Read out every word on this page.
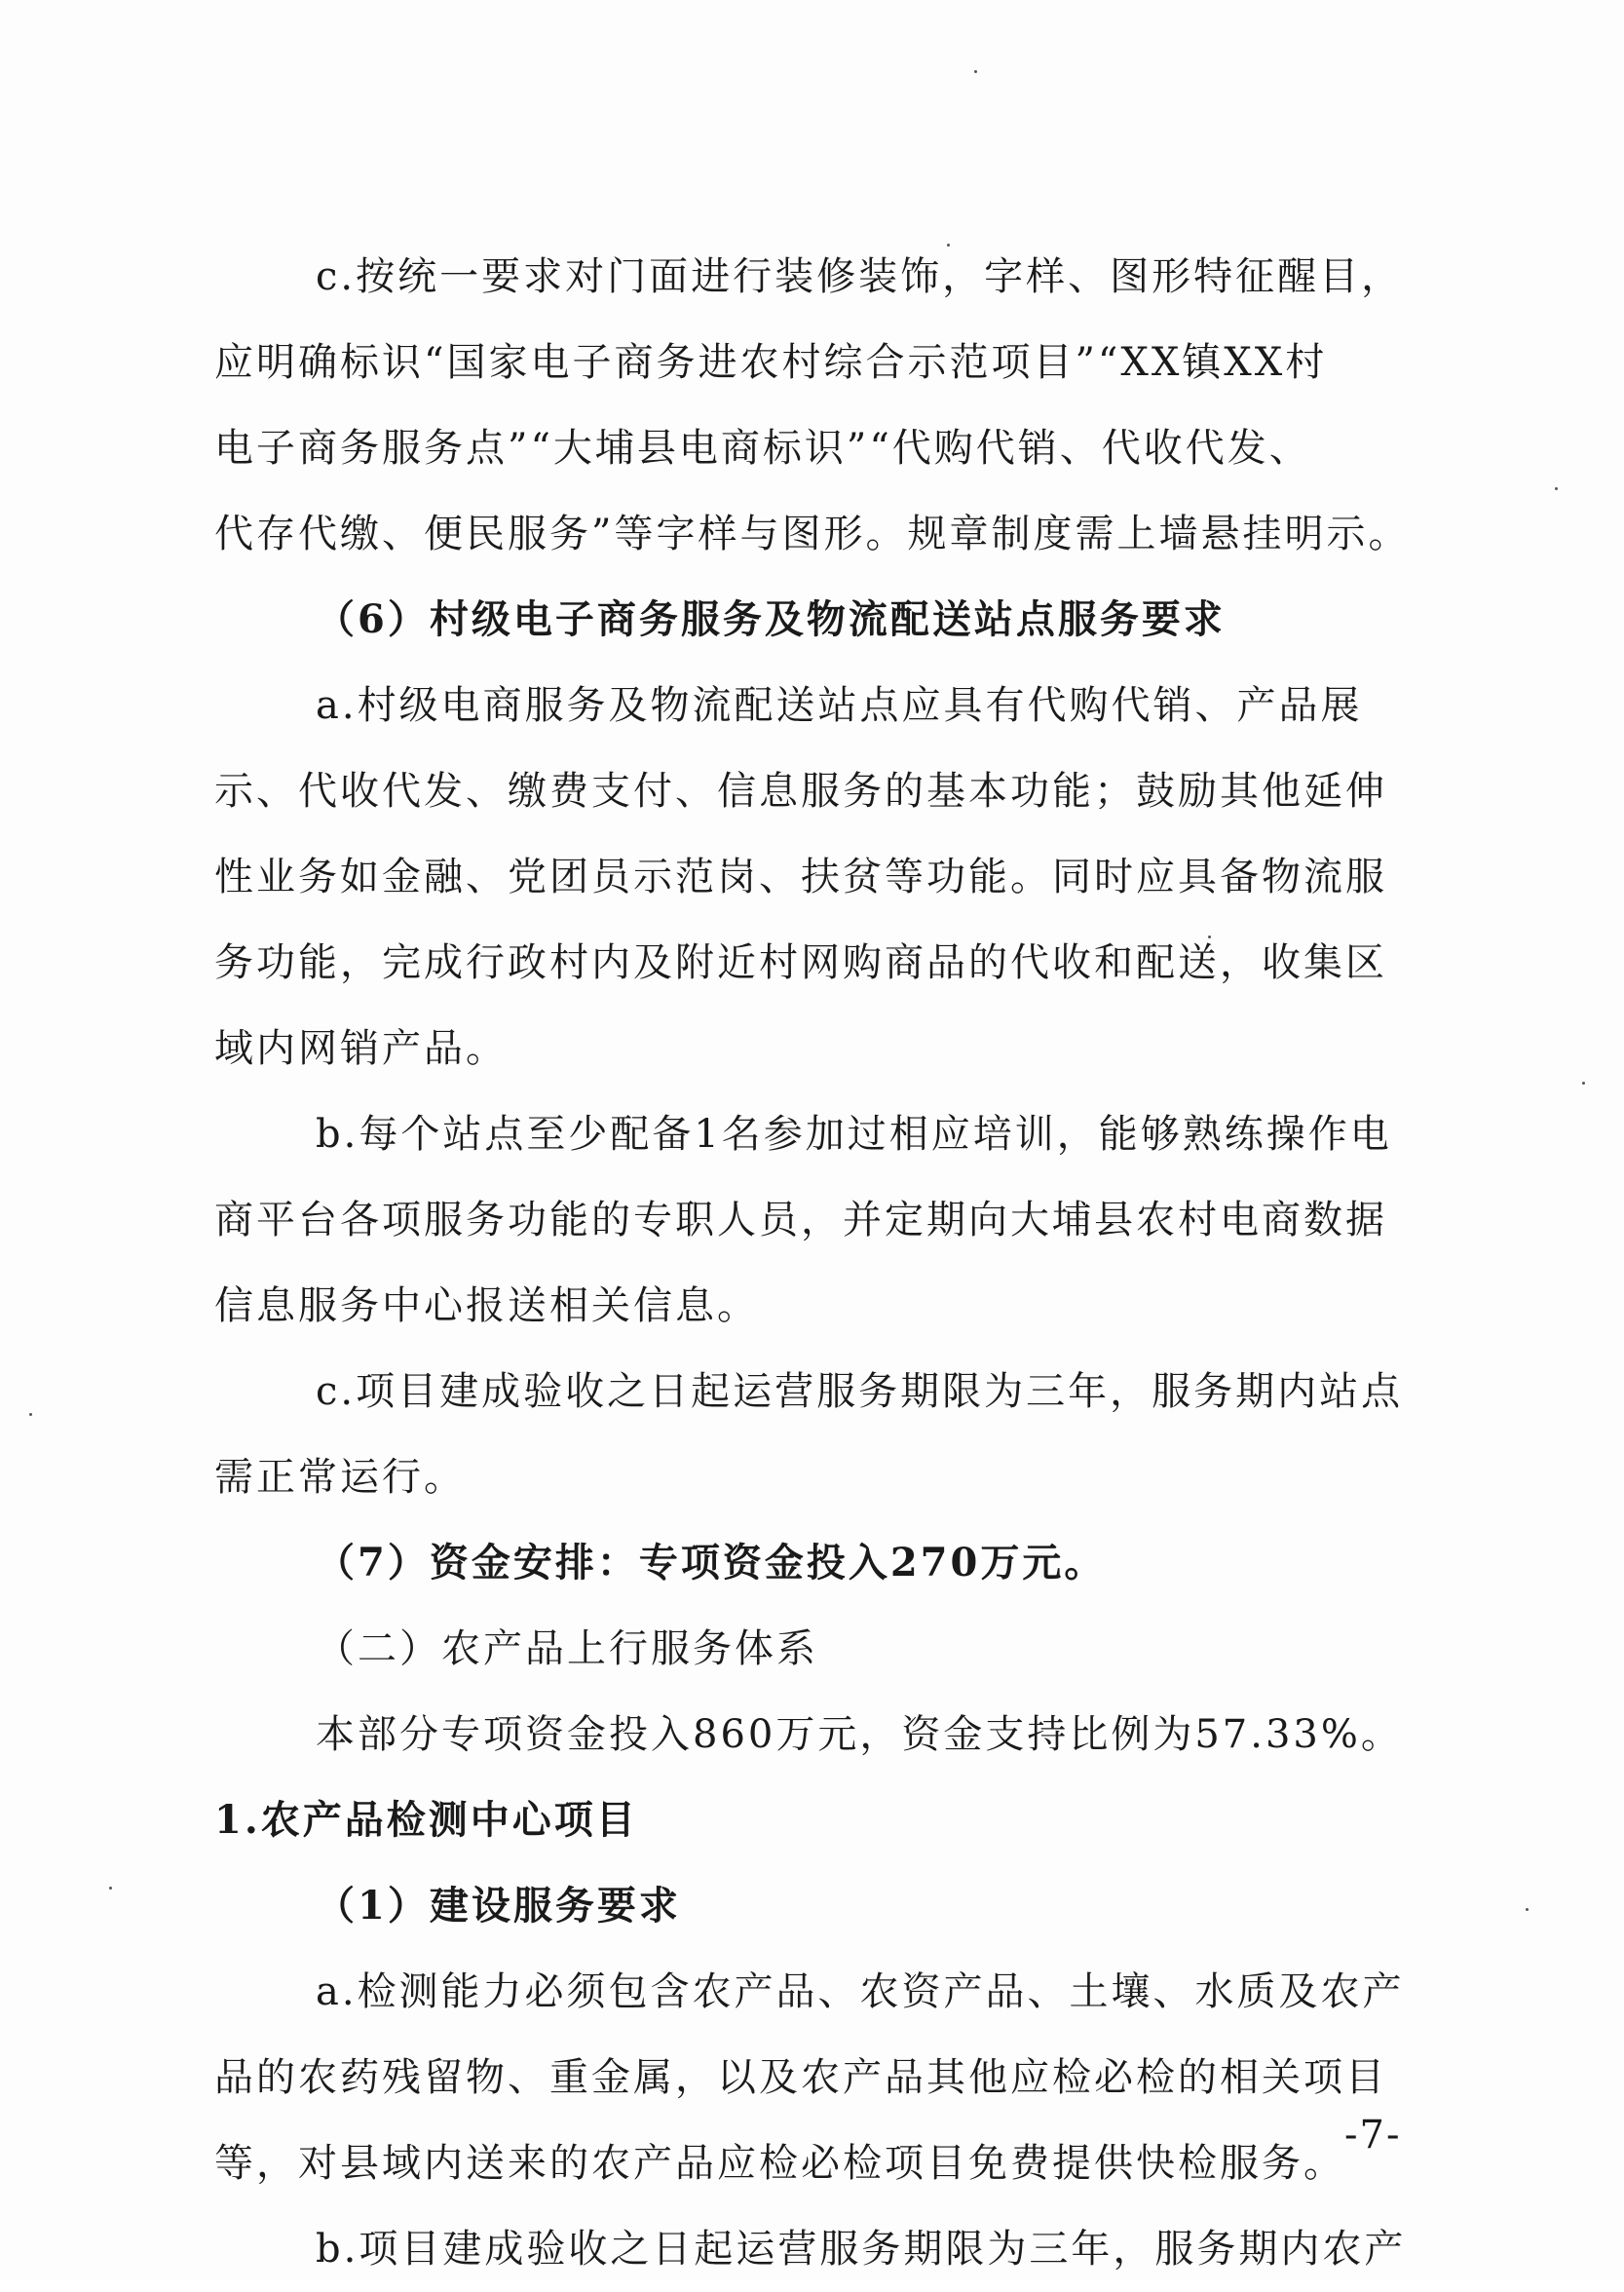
c.按统一要求对门面进行装修装饰，字样、图形特征醒目，
应明确标识“国家电子商务进农村综合示范项目”“XX镇XX村
电子商务服务点”“大埔县电商标识”“代购代销、代收代发、
代存代缴、便民服务”等字样与图形。规章制度需上墙悬挂明示。
（6）村级电子商务服务及物流配送站点服务要求
a.村级电商服务及物流配送站点应具有代购代销、产品展
示、代收代发、缴费支付、信息服务的基本功能；鼓励其他延伸
性业务如金融、党团员示范岗、扶贫等功能。同时应具备物流服
务功能，完成行政村内及附近村网购商品的代收和配送，收集区
域内网销产品。
b.每个站点至少配备1名参加过相应培训，能够熟练操作电
商平台各项服务功能的专职人员，并定期向大埔县农村电商数据
信息服务中心报送相关信息。
c.项目建成验收之日起运营服务期限为三年，服务期内站点
需正常运行。
（7）资金安排：专项资金投入270万元。
（二）农产品上行服务体系
本部分专项资金投入860万元，资金支持比例为57.33%。
1.农产品检测中心项目
（1）建设服务要求
a.检测能力必须包含农产品、农资产品、土壤、水质及农产
品的农药残留物、重金属，以及农产品其他应检必检的相关项目
等，对县域内送来的农产品应检必检项目免费提供快检服务。
b.项目建成验收之日起运营服务期限为三年，服务期内农产
-7-
